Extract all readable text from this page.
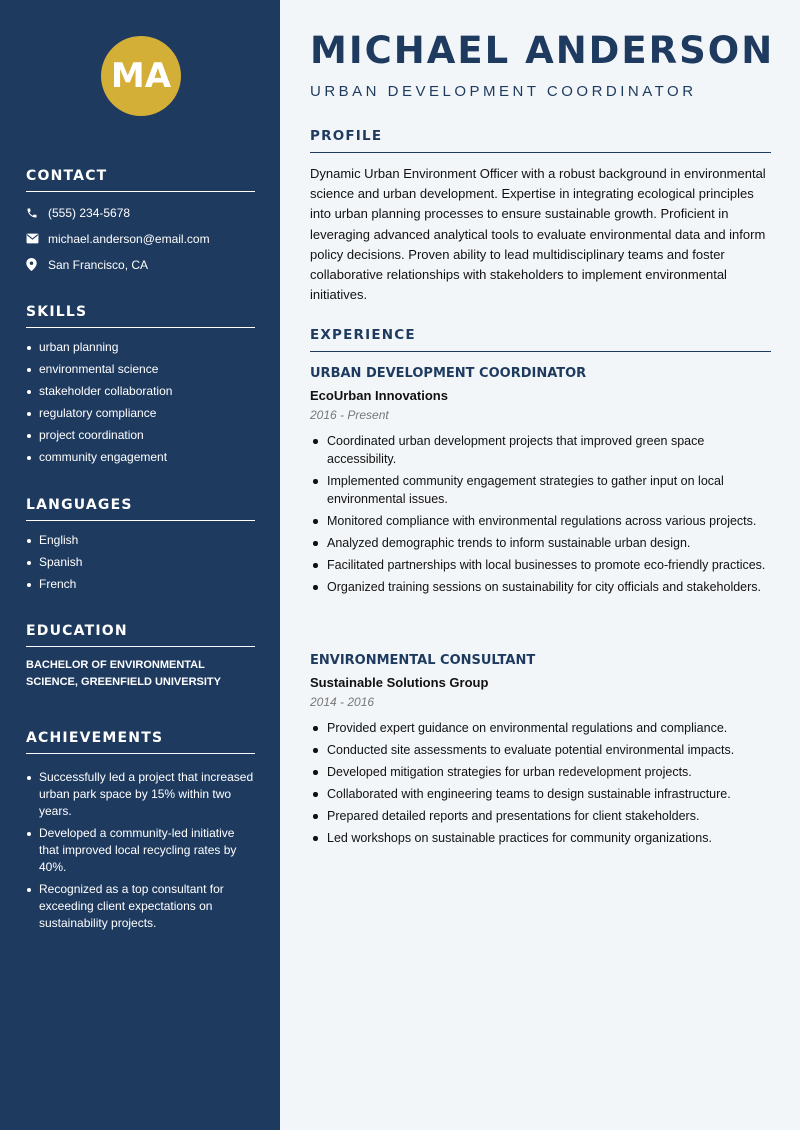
MA
CONTACT
(555) 234-5678
michael.anderson@email.com
San Francisco, CA
SKILLS
urban planning
environmental science
stakeholder collaboration
regulatory compliance
project coordination
community engagement
LANGUAGES
English
Spanish
French
EDUCATION
BACHELOR OF ENVIRONMENTAL SCIENCE, GREENFIELD UNIVERSITY
ACHIEVEMENTS
Successfully led a project that increased urban park space by 15% within two years.
Developed a community-led initiative that improved local recycling rates by 40%.
Recognized as a top consultant for exceeding client expectations on sustainability projects.
MICHAEL ANDERSON
URBAN DEVELOPMENT COORDINATOR
PROFILE

Dynamic Urban Environment Officer with a robust background in environmental science and urban development. Expertise in integrating ecological principles into urban planning processes to ensure sustainable growth. Proficient in leveraging advanced analytical tools to evaluate environmental data and inform policy decisions. Proven ability to lead multidisciplinary teams and foster collaborative relationships with stakeholders to implement environmental initiatives.

EXPERIENCE
URBAN DEVELOPMENT COORDINATOR
EcoUrban Innovations
2016 - Present
Coordinated urban development projects that improved green space accessibility.
Implemented community engagement strategies to gather input on local environmental issues.
Monitored compliance with environmental regulations across various projects.
Analyzed demographic trends to inform sustainable urban design.
Facilitated partnerships with local businesses to promote eco-friendly practices.
Organized training sessions on sustainability for city officials and stakeholders.
ENVIRONMENTAL CONSULTANT
Sustainable Solutions Group
2014 - 2016
Provided expert guidance on environmental regulations and compliance.
Conducted site assessments to evaluate potential environmental impacts.
Developed mitigation strategies for urban redevelopment projects.
Collaborated with engineering teams to design sustainable infrastructure.
Prepared detailed reports and presentations for client stakeholders.
Led workshops on sustainable practices for community organizations.
